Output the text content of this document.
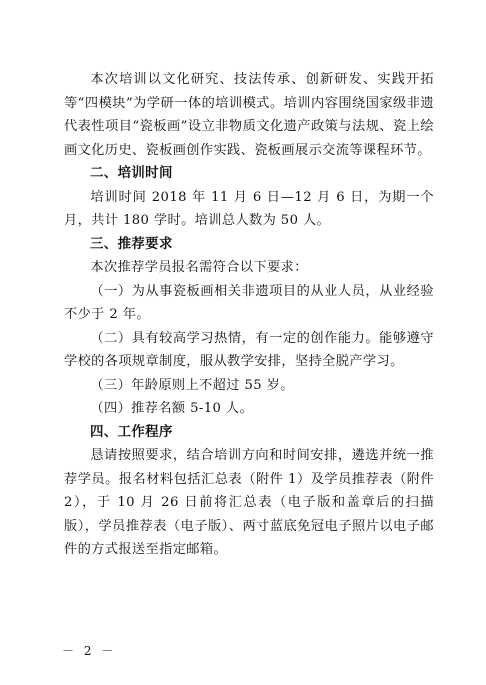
本次培训以文化研究、技法传承、创新研发、实践开拓等“四模块”为学研一体的培训模式。培训内容围绕国家级非遗代表性项目“瓷板画”设立非物质文化遗产政策与法规、瓷上绘画文化历史、瓷板画创作实践、瓷板画展示交流等课程环节。

二、培训时间

培训时间 2018 年 11 月 6 日—12 月 6 日，为期一个月，共计 180 学时。培训总人数为 50 人。

三、推荐要求

本次推荐学员报名需符合以下要求：

（一）为从事瓷板画相关非遗项目的从业人员，从业经验不少于 2 年。

（二）具有较高学习热情，有一定的创作能力。能够遵守学校的各项规章制度，服从教学安排，坚持全脱产学习。

（三）年龄原则上不超过 55 岁。

（四）推荐名额 5-10 人。

四、工作程序

恳请按照要求，结合培训方向和时间安排，遴选并统一推荐学员。报名材料包括汇总表（附件 1）及学员推荐表（附件 2），于 10 月 26 日前将汇总表（电子版和盖章后的扫描版），学员推荐表（电子版）、两寸蓝底免冠电子照片以电子邮件的方式报送至指定邮箱。

－ 2 －
